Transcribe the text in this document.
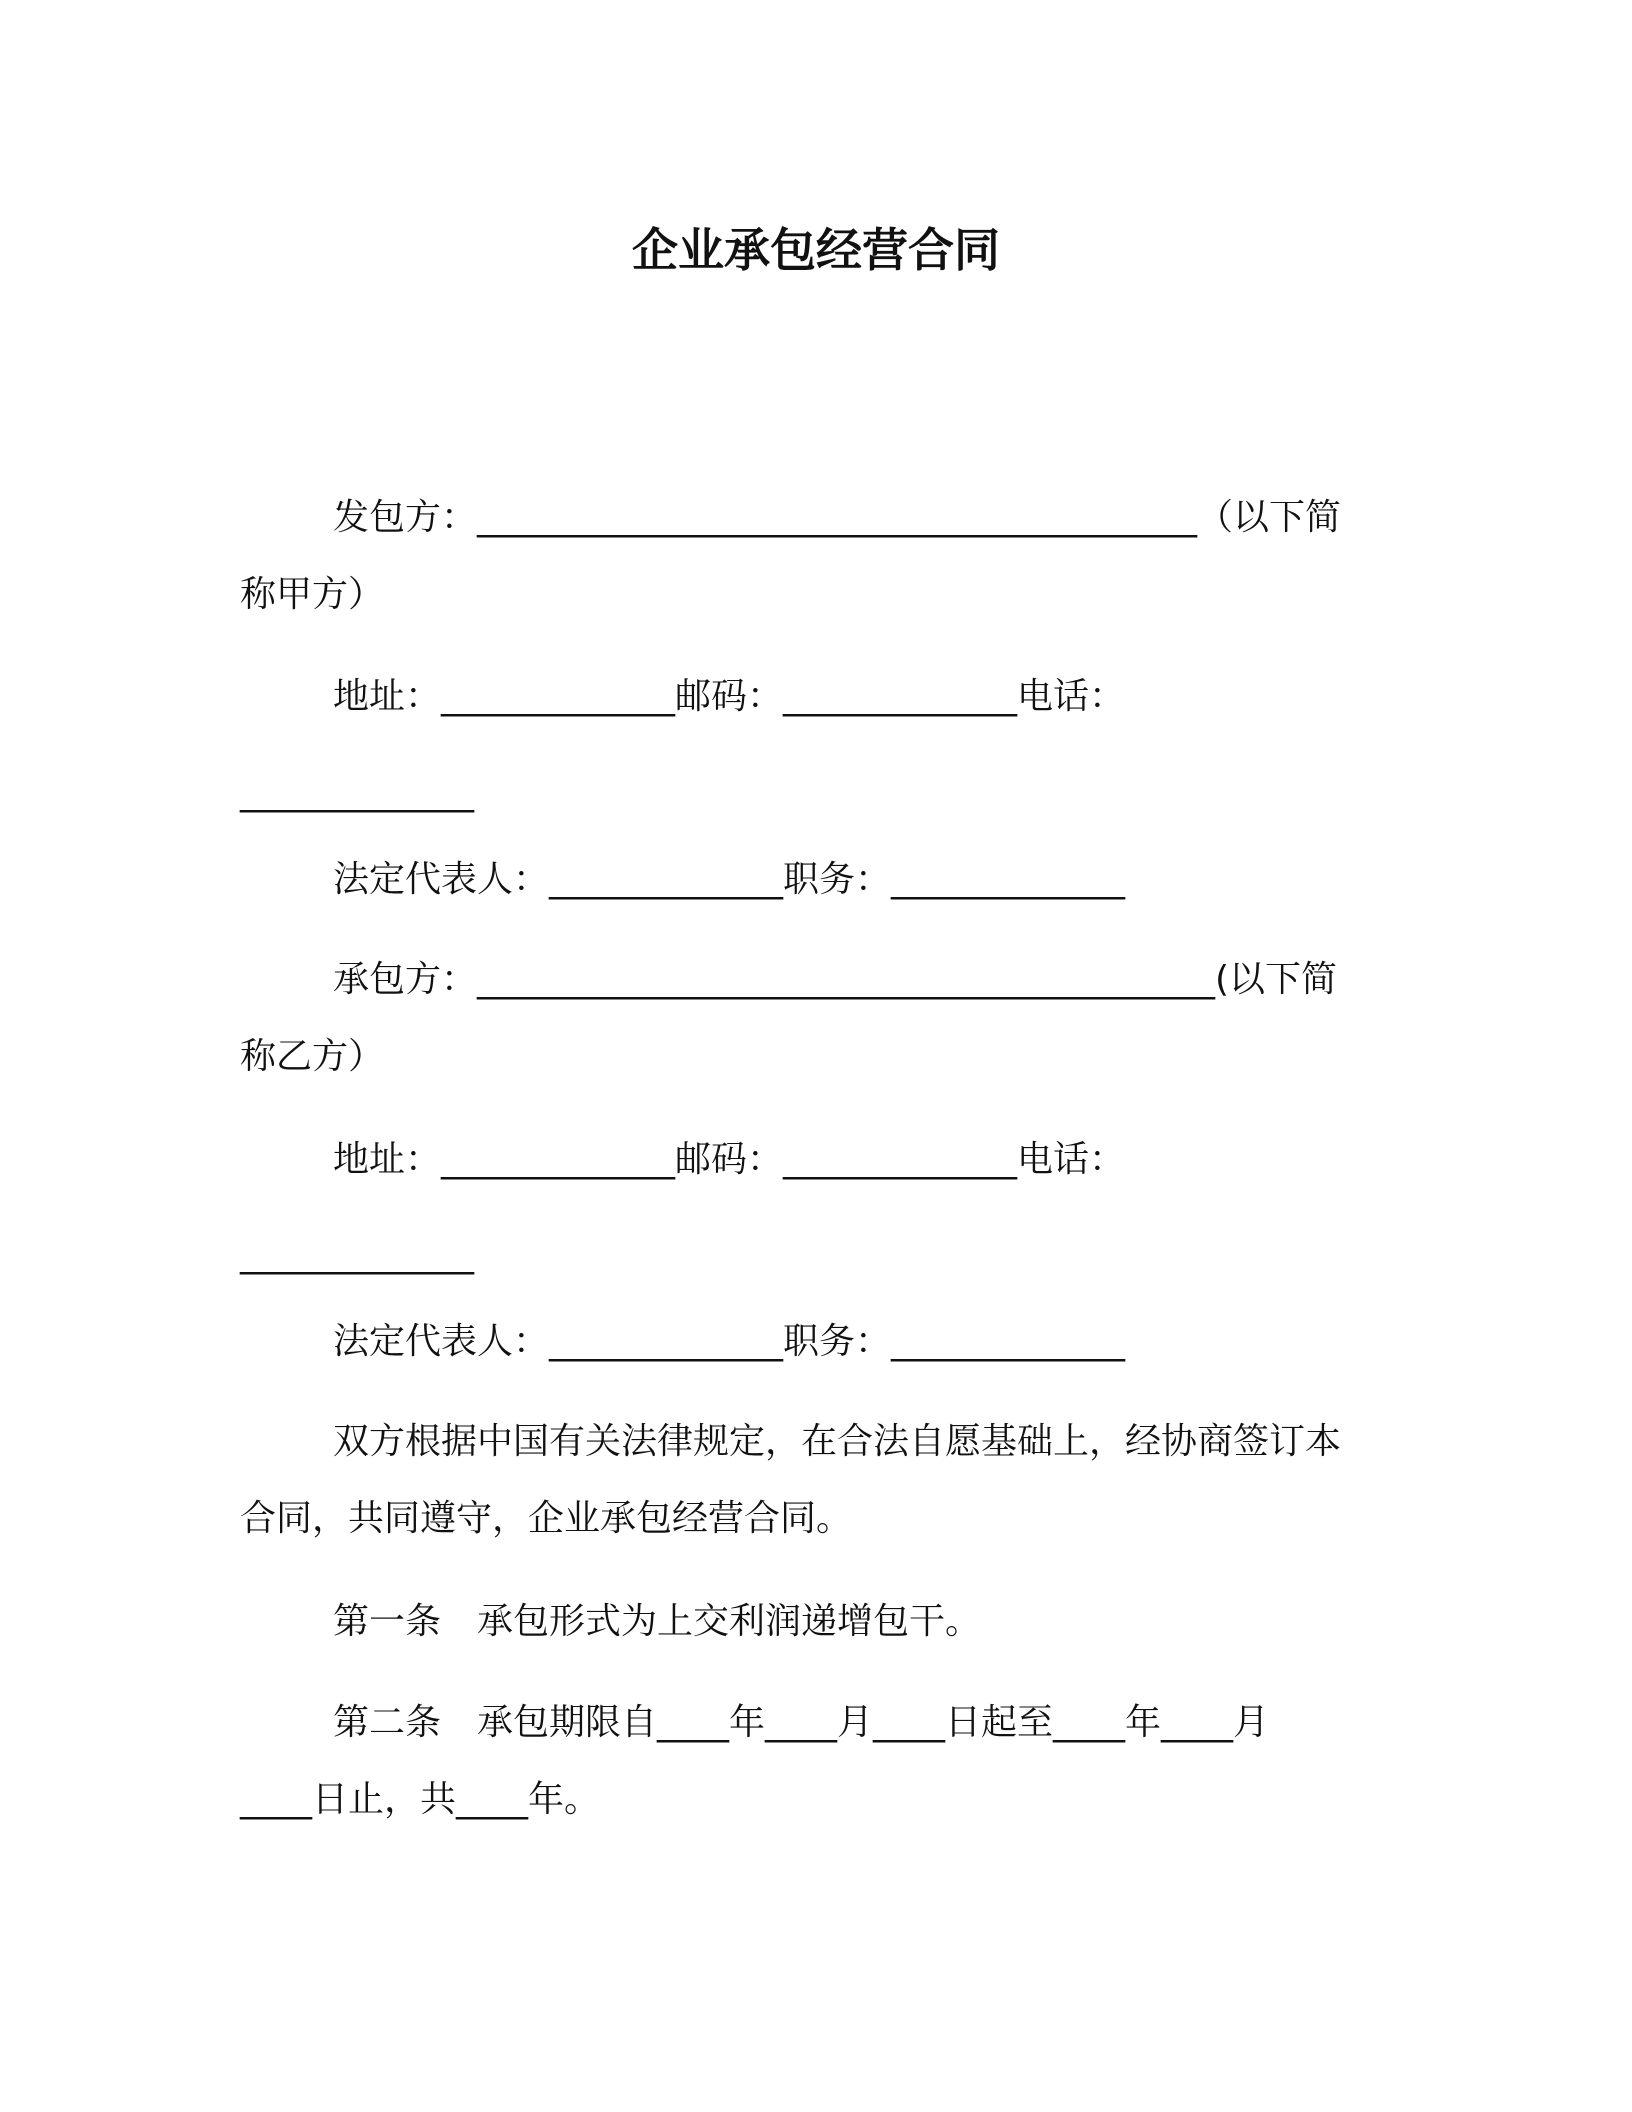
企业承包经营合同
发包方：________________________________________（以下简
称甲方）
地址：_____________邮码：_____________电话：
_____________
法定代表人：_____________职务：_____________
承包方：_________________________________________(以下简
称乙方）
地址：_____________邮码：_____________电话：
_____________
法定代表人：_____________职务：_____________
双方根据中国有关法律规定，在合法自愿基础上，经协商签订本
合同，共同遵守，企业承包经营合同。
第一条 承包形式为上交利润递增包干。
第二条 承包期限自____年____月____日起至____年____月
____日止，共____年。
